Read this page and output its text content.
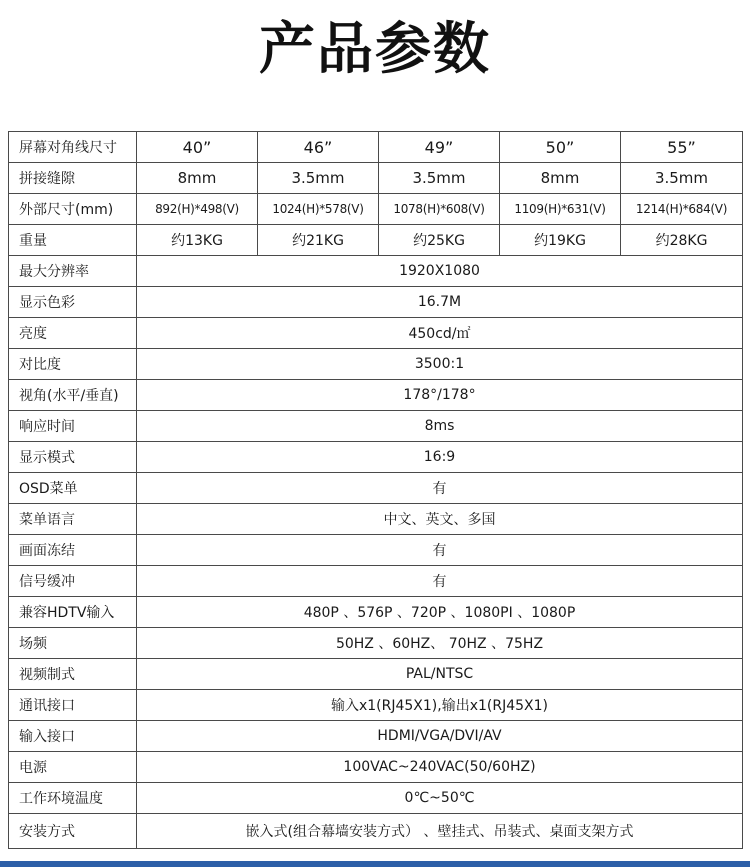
产品参数
屏幕对角线尺寸	40”	46”	49”	50”	55”
拼接缝隙	8mm	3.5mm	3.5mm	8mm	3.5mm
外部尺寸(mm)	892(H)*498(V)	1024(H)*578(V)	1078(H)*608(V)	1109(H)*631(V)	1214(H)*684(V)
重量	约13KG	约21KG	约25KG	约19KG	约28KG
最大分辨率	1920X1080				
显示色彩	16.7M				
亮度	450cd/㎡				
对比度	3500:1				
视角(水平/垂直)	178°/178°				
响应时间	8ms				
显示模式	16:9				
OSD菜单	有				
菜单语言	中文、英文、多国				
画面冻结	有				
信号缓冲	有				
兼容HDTV输入	480P 、576P 、720P 、1080PI 、1080P				
场频	50HZ 、60HZ、 70HZ 、75HZ				
视频制式	PAL/NTSC				
通讯接口	输入x1(RJ45X1),输出x1(RJ45X1)				
输入接口	HDMI/VGA/DVI/AV				
电源	100VAC~240VAC(50/60HZ)				
工作环境温度	0℃~50℃				
安装方式	嵌入式(组合幕墙安装方式） 、壁挂式、吊装式、桌面支架方式				
